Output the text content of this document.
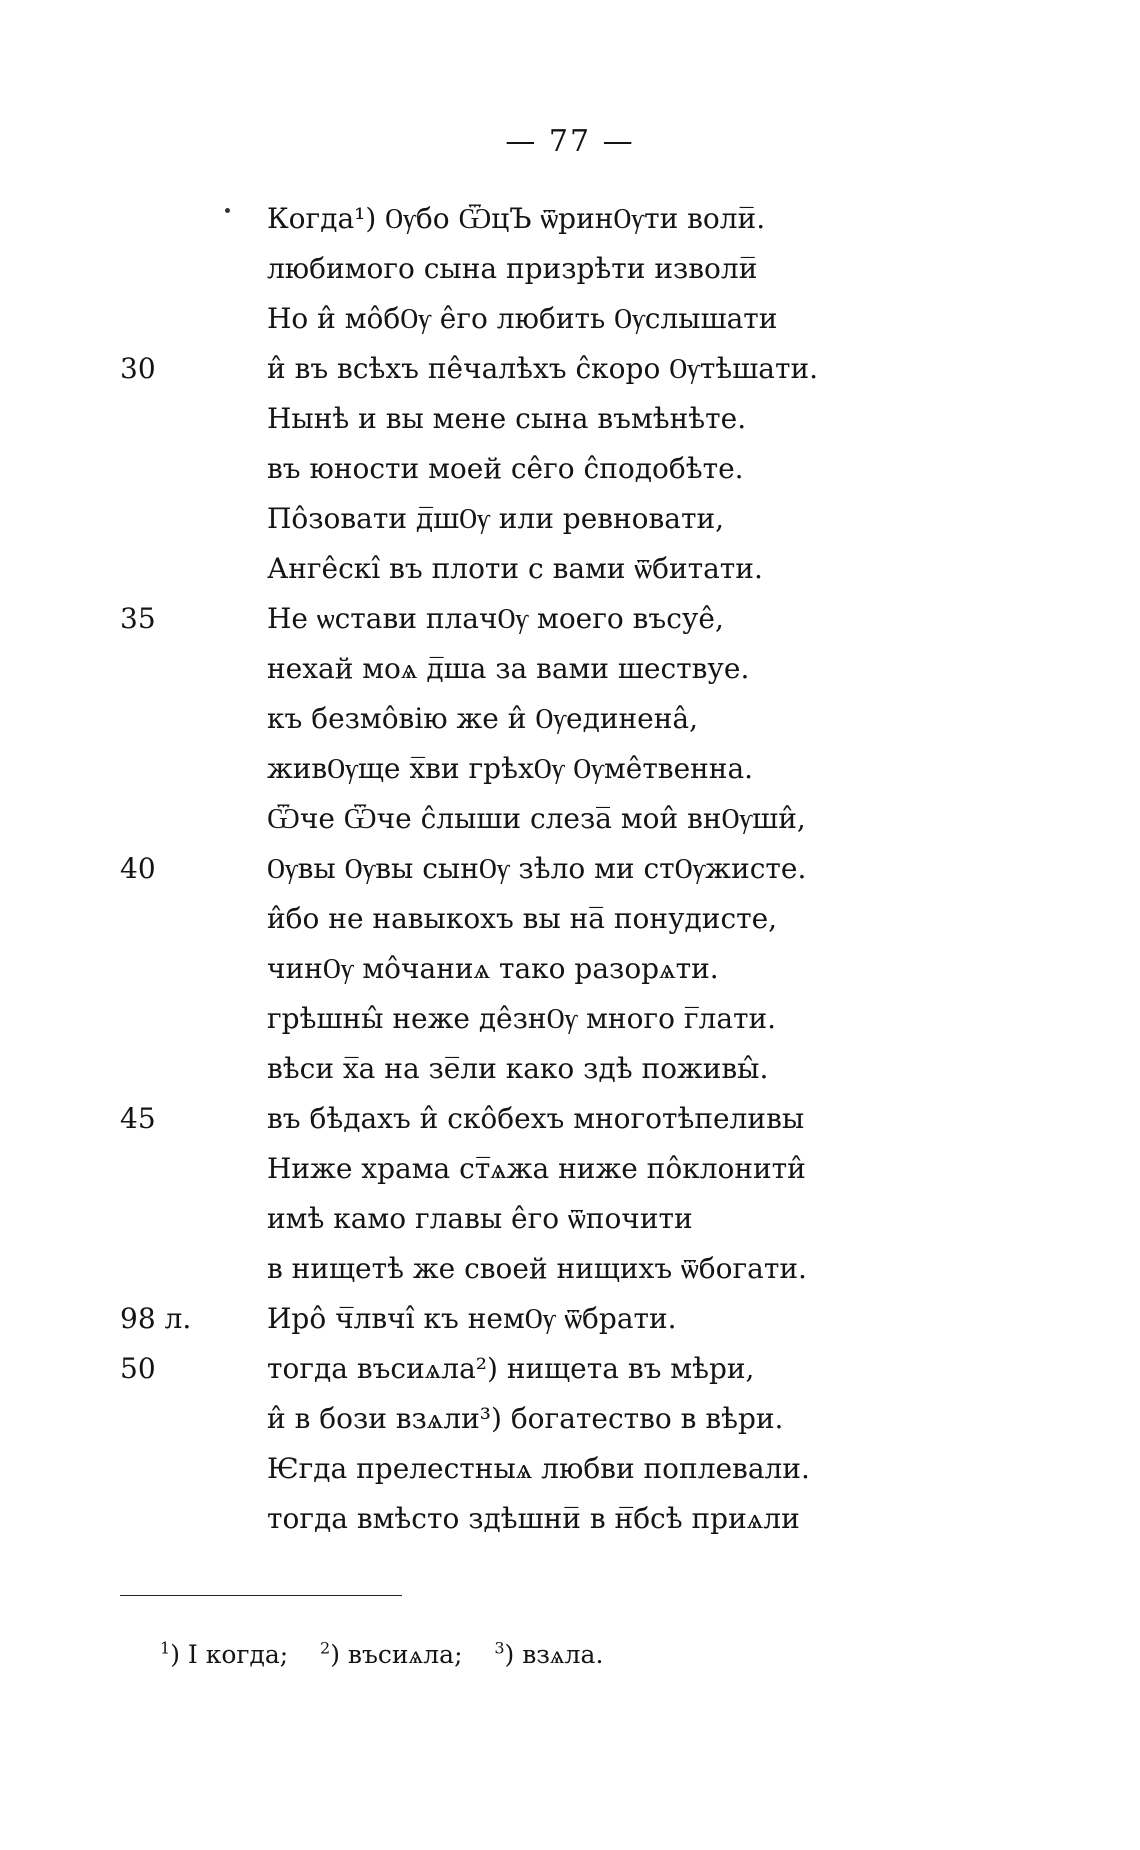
— 77 —
Когда¹) Ѹбо ѾцЪ ѿринѸти воли̅.
любимого сына призрѣти изволи̅
Но и̂ мо̂бѸ е̂го любить Ѹслышати
30	и̂ въ всѣхъ пе̂чалѣхъ с̂коро Ѹтѣшати.
Нынѣ и вы мене сына въмѣнѣте.
въ юности моей се̂го с̂подобѣте.
По̂зовати д̅шѸ или ревновати,
Анге̂скі̂ въ плоти с вами ѿбитати.
35	Не ѡстави плачѸ моего въсуе̂,
нехай моѧ д̅ша за вами шествуе.
къ безмо̂вію же и̂ Ѹединена̂,
живѸще х̅ви грѣхѸ Ѹме̂твенна.
Ѿче Ѿче с̂лыши слеза̅ мои̂ внѸши̂,
40	Ѹвы Ѹвы сынѸ зѣло ми стѸжисте.
и̂бо не навыкохъ вы на̅ понудисте,
чинѸ мо̂чаниѧ тако разорѧти.
грѣшны̂ неже де̂знѸ много г̅лати.
вѣси х̅а на зе̅ли како здѣ поживы̂.
45	въ бѣдахъ и̂ ско̂бехъ многотѣпеливы
Ниже храма ст̅ѧжа ниже по̂клонити̂
имѣ камо главы е̂го ѿпочити
в нищетѣ же своей нищихъ ѿбогати.
98 л.	Иро̂ ч̅лвчі̂ къ немѸ ѿбрати.
50	тогда въсиѧла²) нищета въ мѣри,
и̂ в бози взѧли³) богатество в вѣри.
Ѥгда прелестныѧ любви поплевали.
тогда вмѣсто здѣшни̅ в н̅бсѣ приѧли
$^1$) I когда; $^2$) въсиѧла; $^3$) взѧла.
